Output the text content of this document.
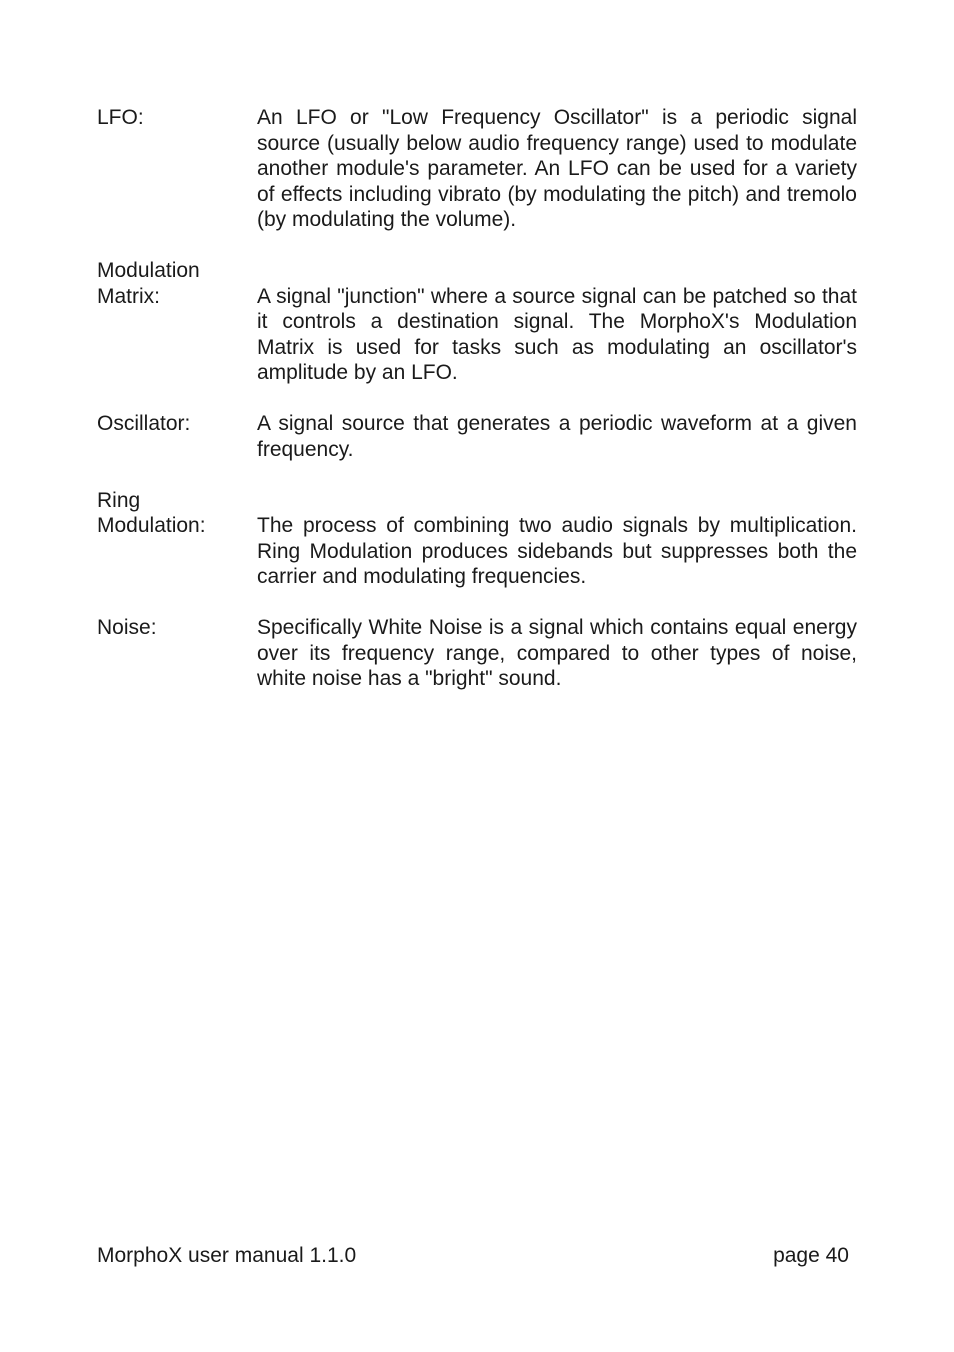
LFO:	An LFO or "Low Frequency Oscillator" is a periodic signal source (usually below audio frequency range) used to modulate another module's parameter. An LFO can be used for a variety of effects including vibrato (by modulating the pitch) and tremolo (by modulating the volume).
Modulation
Matrix:	A signal "junction" where a source signal can be patched so that it controls a destination signal. The MorphoX's Modulation Matrix is used for tasks such as modulating an oscillator's amplitude by an LFO.
Oscillator:	A signal source that generates a periodic waveform at a given frequency.
Ring
Modulation:	The process of combining two audio signals by multiplication. Ring Modulation produces sidebands but suppresses both the carrier and modulating frequencies.
Noise:	Specifically White Noise is a signal which contains equal energy over its frequency range, compared to other types of noise, white noise has a "bright" sound.
MorphoX user manual 1.1.0	page 40
